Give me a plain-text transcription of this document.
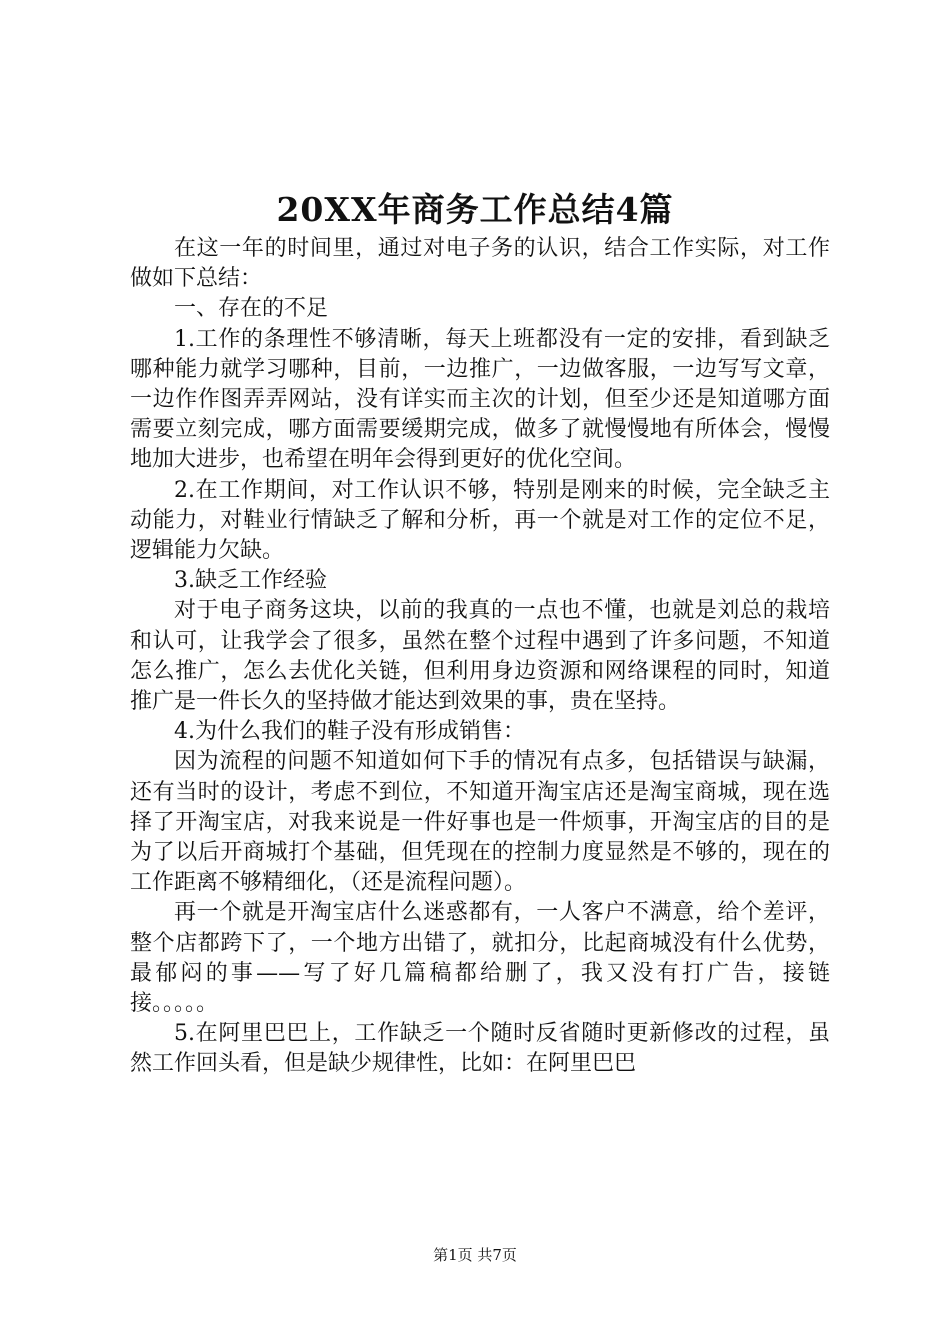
20XX年商务工作总结4篇

在这一年的时间里，通过对电子务的认识，结合工作实际，对工作做如下总结：

一、存在的不足

1.工作的条理性不够清晰，每天上班都没有一定的安排，看到缺乏哪种能力就学习哪种，目前，一边推广，一边做客服，一边写写文章，一边作作图弄弄网站，没有详实而主次的计划，但至少还是知道哪方面需要立刻完成，哪方面需要缓期完成，做多了就慢慢地有所体会，慢慢地加大进步，也希望在明年会得到更好的优化空间。

2.在工作期间，对工作认识不够，特别是刚来的时候，完全缺乏主动能力，对鞋业行情缺乏了解和分析，再一个就是对工作的定位不足，逻辑能力欠缺。

3.缺乏工作经验

对于电子商务这块，以前的我真的一点也不懂，也就是刘总的栽培和认可，让我学会了很多，虽然在整个过程中遇到了许多问题，不知道怎么推广，怎么去优化关链，但利用身边资源和网络课程的同时，知道推广是一件长久的坚持做才能达到效果的事，贵在坚持。

4.为什么我们的鞋子没有形成销售：

因为流程的问题不知道如何下手的情况有点多，包括错误与缺漏，还有当时的设计，考虑不到位，不知道开淘宝店还是淘宝商城，现在选择了开淘宝店，对我来说是一件好事也是一件烦事，开淘宝店的目的是为了以后开商城打个基础，但凭现在的控制力度显然是不够的，现在的工作距离不够精细化，（还是流程问题）。

再一个就是开淘宝店什么迷惑都有，一人客户不满意，给个差评，整个店都跨下了，一个地方出错了，就扣分，比起商城没有什么优势，最郁闷的事——写了好几篇稿都给删了，我又没有打广告，接链接。。。。。

5.在阿里巴巴上，工作缺乏一个随时反省随时更新修改的过程，虽然工作回头看，但是缺少规律性，比如：在阿里巴巴

第1页 共7页
